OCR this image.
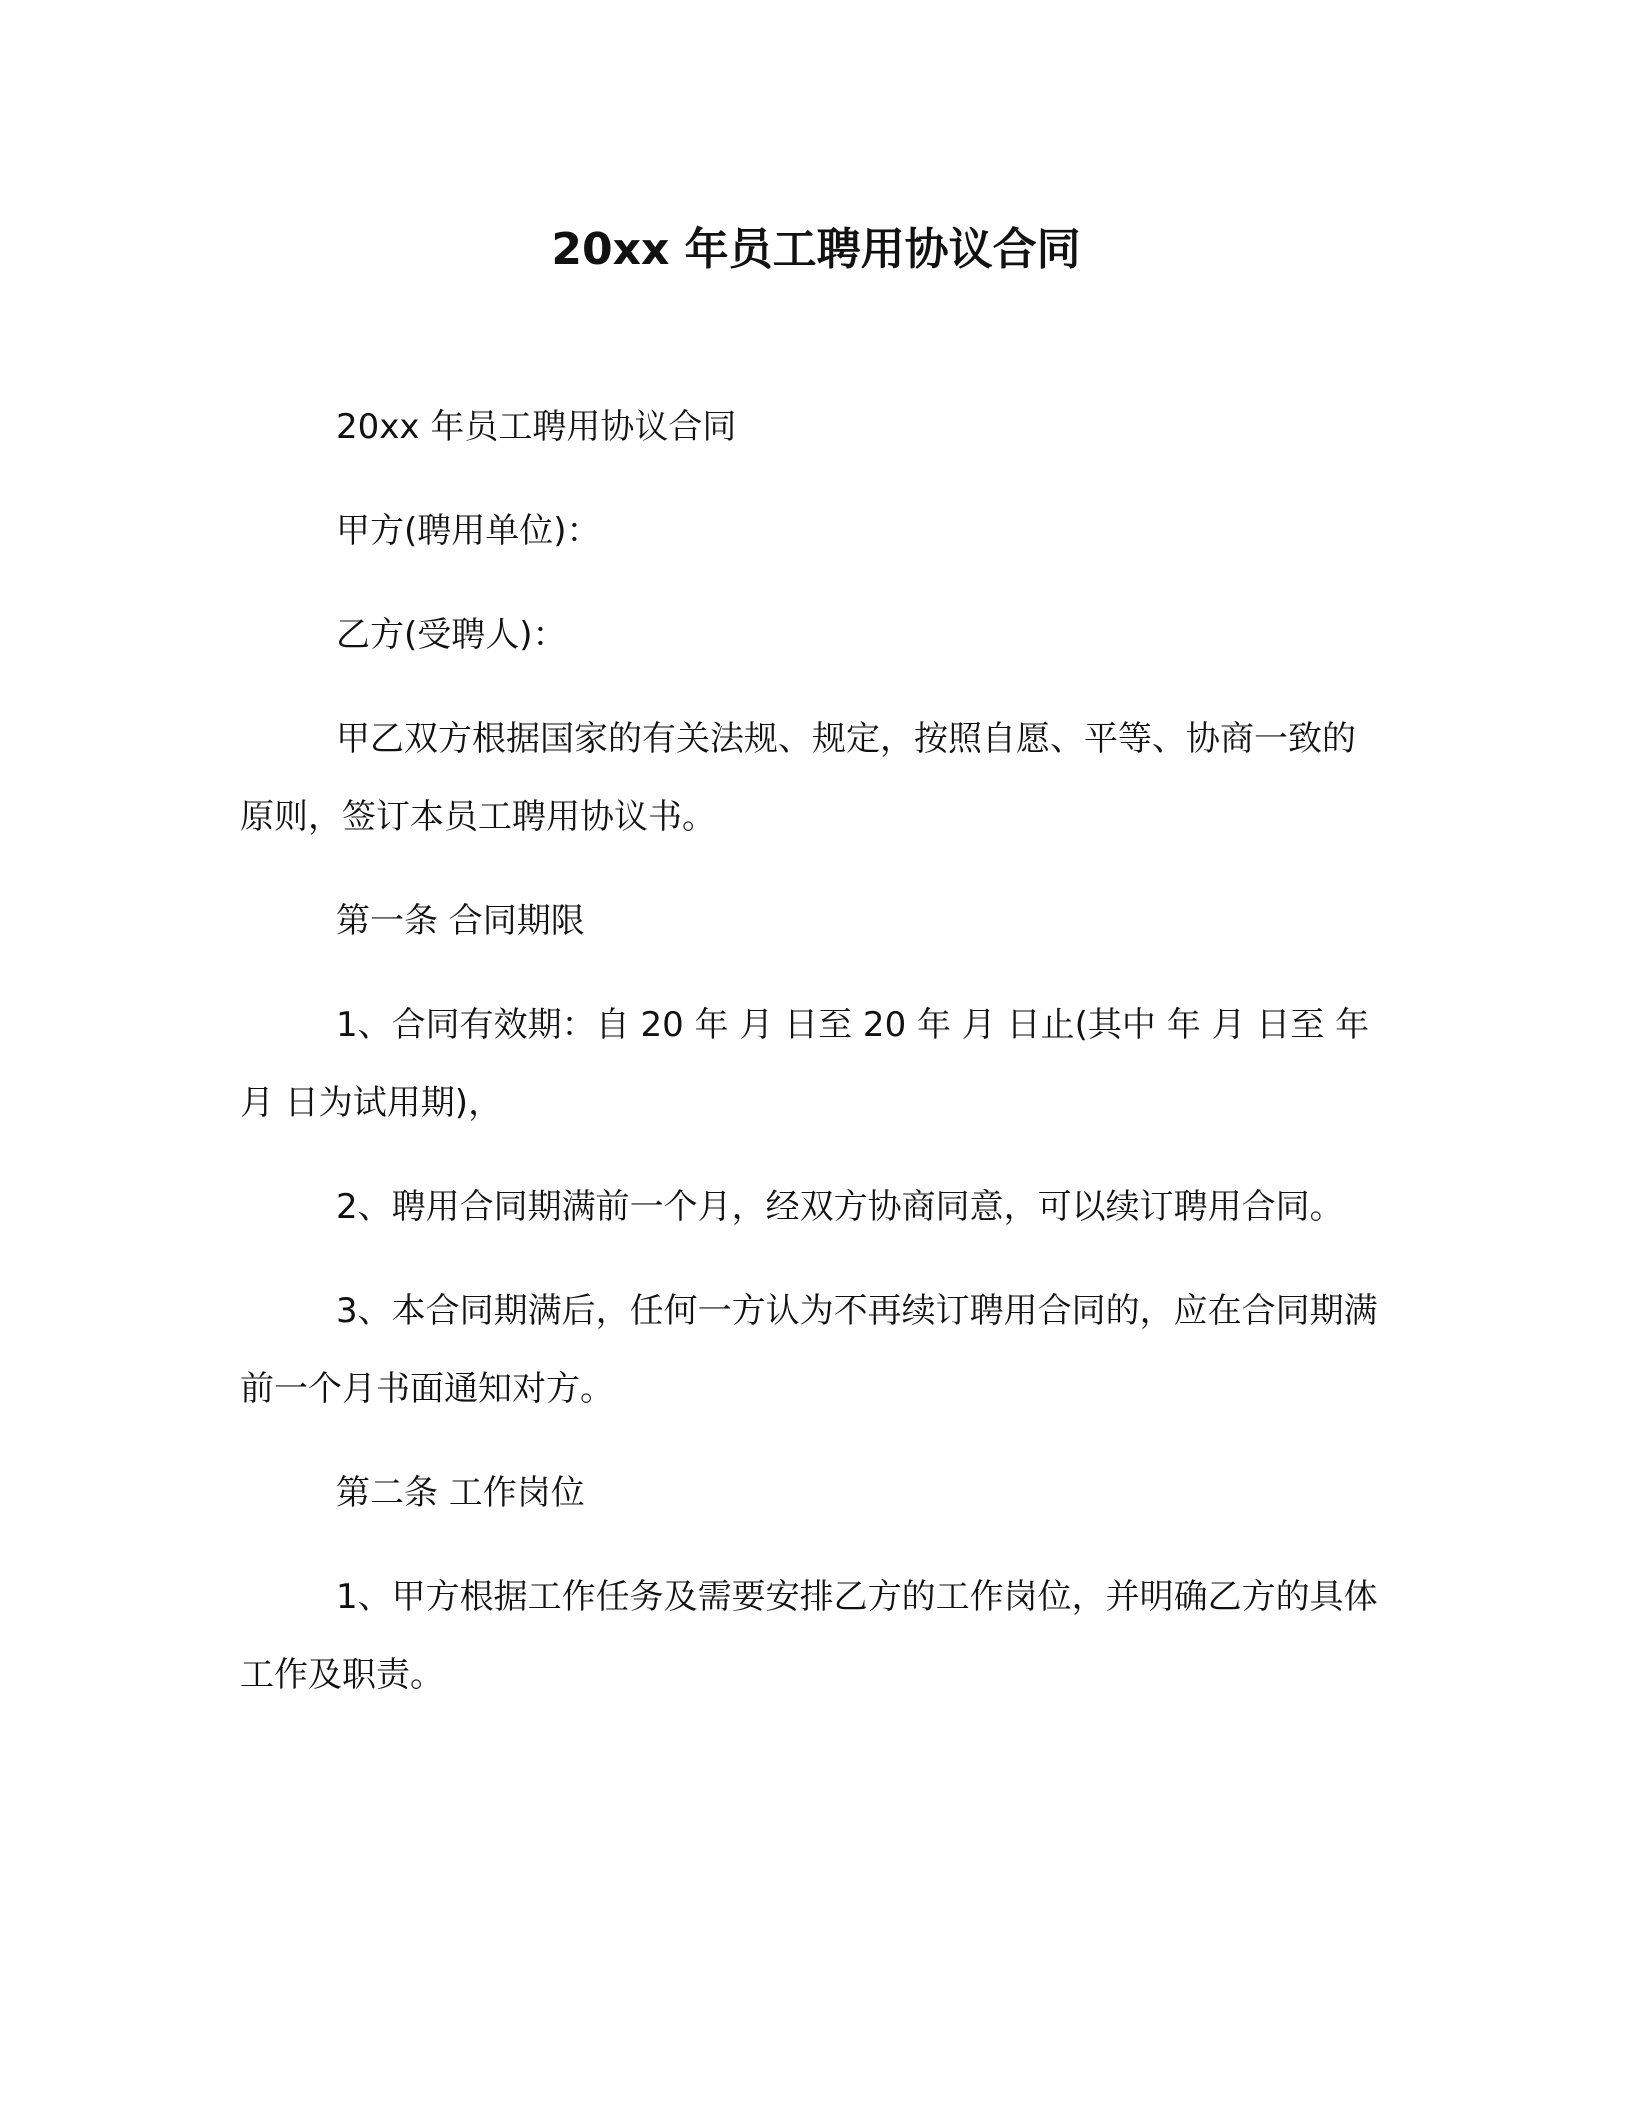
20xx 年员工聘用协议合同

20xx 年员工聘用协议合同

甲方(聘用单位)：

乙方(受聘人)：

甲乙双方根据国家的有关法规、规定，按照自愿、平等、协商一致的原则，签订本员工聘用协议书。

第一条 合同期限

1、合同有效期：自 20 年 月 日至 20 年 月 日止(其中 年 月 日至 年 月 日为试用期)，

2、聘用合同期满前一个月，经双方协商同意，可以续订聘用合同。

3、本合同期满后，任何一方认为不再续订聘用合同的，应在合同期满前一个月书面通知对方。

第二条 工作岗位

1、甲方根据工作任务及需要安排乙方的工作岗位，并明确乙方的具体工作及职责。
